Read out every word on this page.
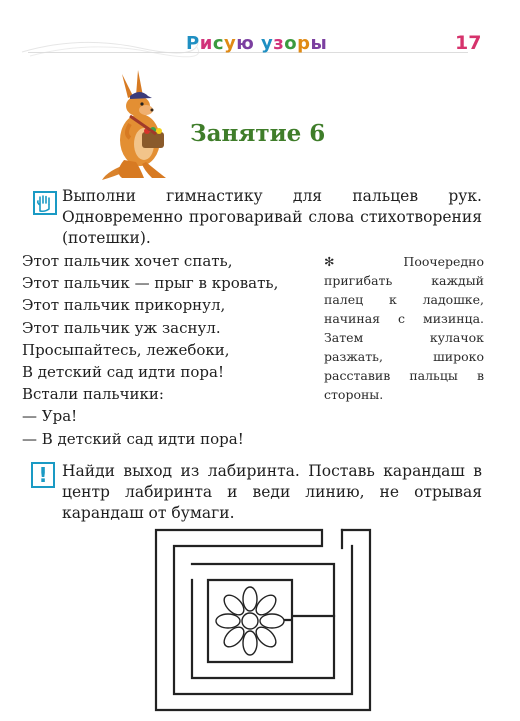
Рисую узоры	17
Занятие 6
Выполни гимнастику для пальцев рук. Одновременно проговаривай слова стихотворения (потешки).
Этот пальчик хочет спать,
Этот пальчик — прыг в кровать,
Этот пальчик прикорнул,
Этот пальчик уж заснул.
Просыпайтесь, лежебоки,
В детский сад идти пора!
Встали пальчики:
— Ура!
— В детский сад идти пора!
✻ Поочередно пригибать каждый палец к ладошке, начиная с мизинца. Затем кулачок разжать, широко расставив пальцы в стороны.
! Найди выход из лабиринта. Поставь карандаш в центр лабиринта и веди линию, не отрывая карандаш от бумаги.
